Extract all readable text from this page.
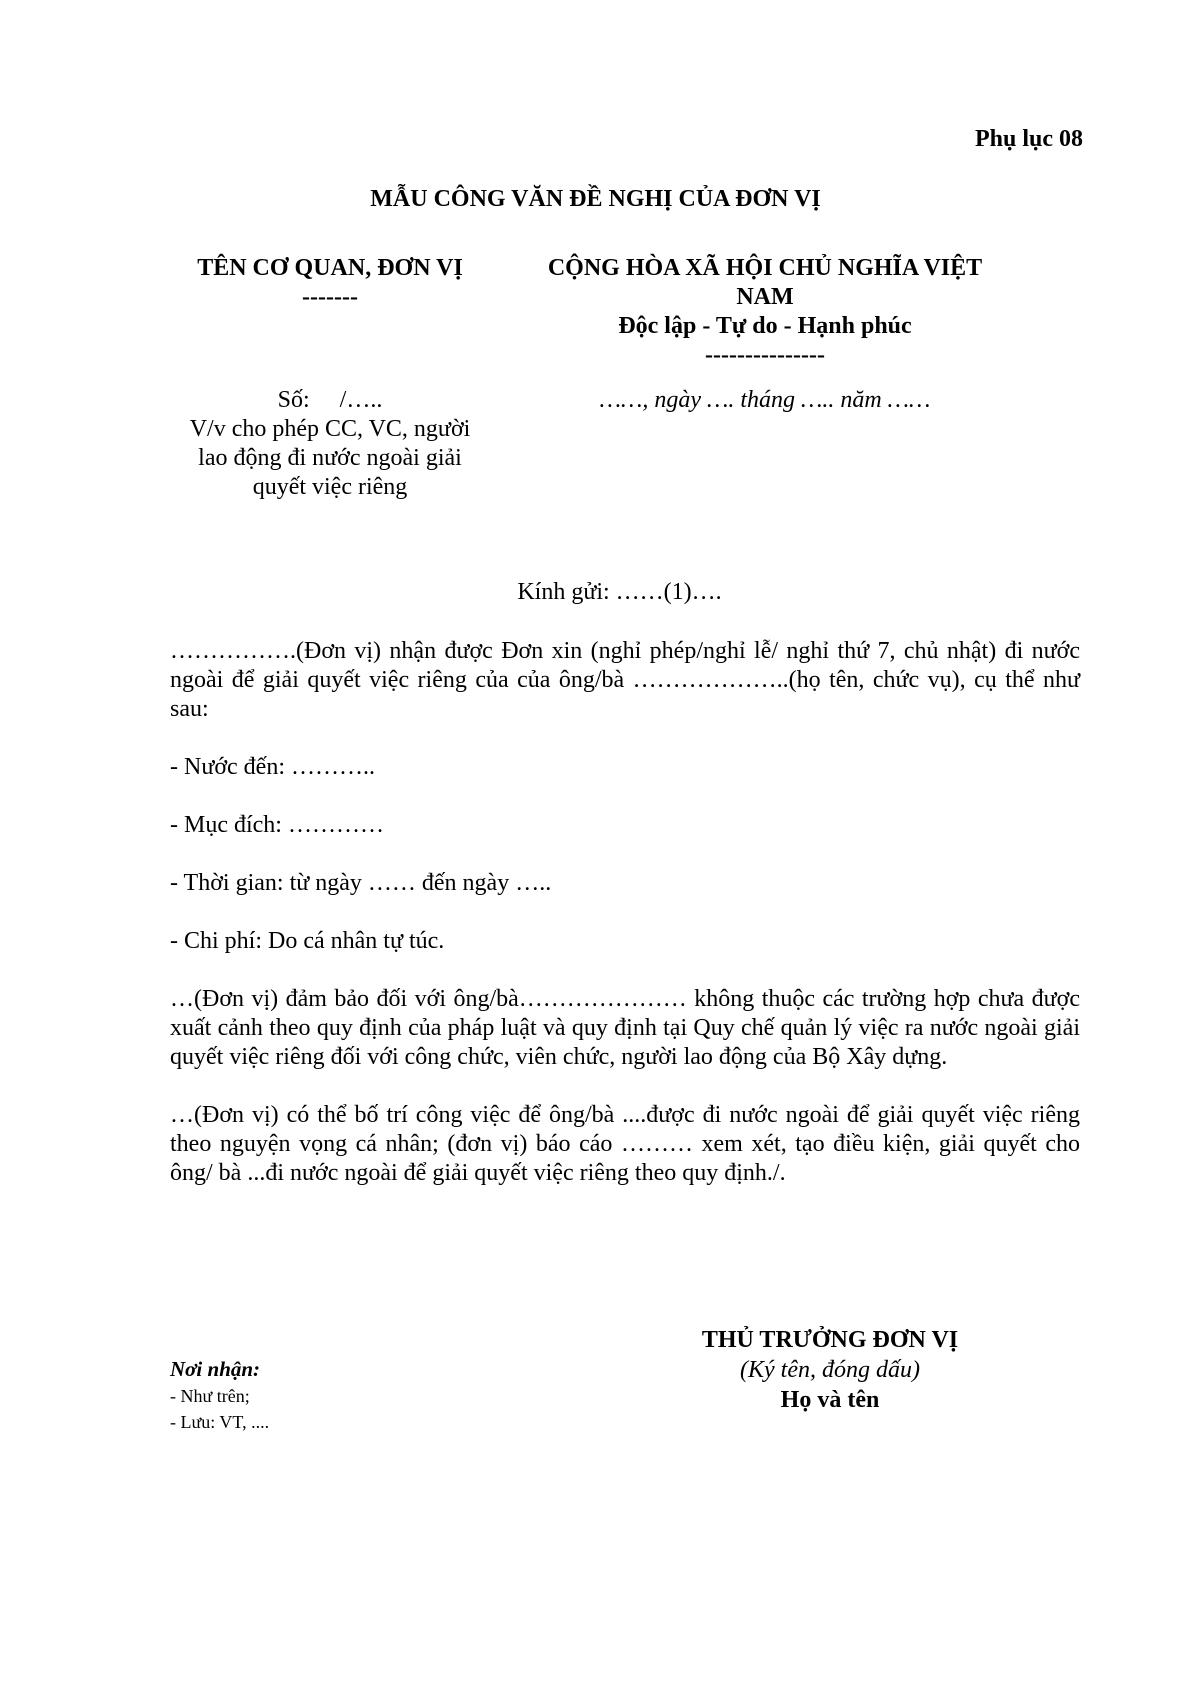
Phụ lục 08
MẪU CÔNG VĂN ĐỀ NGHỊ CỦA ĐƠN VỊ
TÊN CƠ QUAN, ĐƠN VỊ
-------
CỘNG HÒA XÃ HỘI CHỦ NGHĨA VIỆT
NAM
Độc lập - Tự do - Hạnh phúc
---------------
Số:     /…..
V/v cho phép CC, VC, người
lao động đi nước ngoài giải
quyết việc riêng
……, ngày …. tháng ….. năm ……
Kính gửi: ……(1)….

…………….(Đơn vị) nhận được Đơn xin (nghỉ phép/nghỉ lễ/ nghỉ thứ 7, chủ nhật) đi nước ngoài để giải quyết việc riêng của của ông/bà ………………..(họ tên, chức vụ), cụ thể như sau:

- Nước đến: ………..

- Mục đích: …………

- Thời gian: từ ngày …… đến ngày …..

- Chi phí: Do cá nhân tự túc.

…(Đơn vị) đảm bảo đối với ông/bà………………… không thuộc các trường hợp chưa được xuất cảnh theo quy định của pháp luật và quy định tại Quy chế quản lý việc ra nước ngoài giải quyết việc riêng đối với công chức, viên chức, người lao động của Bộ Xây dựng.

…(Đơn vị) có thể bố trí công việc để ông/bà ....được đi nước ngoài để giải quyết việc riêng theo nguyện vọng cá nhân; (đơn vị) báo cáo ……… xem xét, tạo điều kiện, giải quyết cho ông/ bà ...đi nước ngoài để giải quyết việc riêng theo quy định./.

THỦ TRƯỞNG ĐƠN VỊ
(Ký tên, đóng dấu)
Họ và tên
Nơi nhận:
- Như trên;
- Lưu: VT, ....
